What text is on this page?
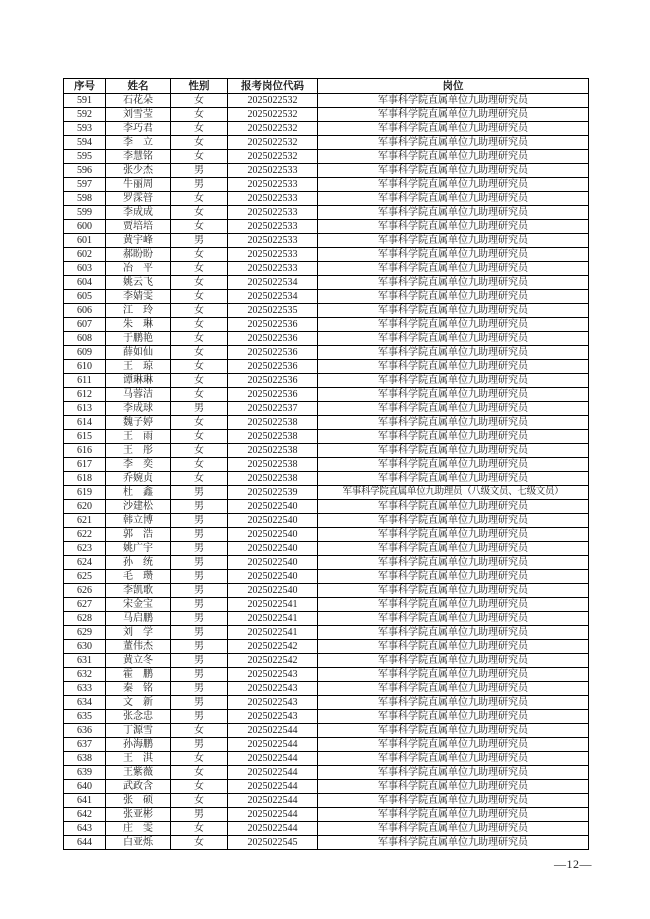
序号	姓名	性别	报考岗位代码	岗位
591	石花朵	女	2025022532	军事科学院直属单位九助理研究员
592	刘雪莹	女	2025022532	军事科学院直属单位九助理研究员
593	李巧君	女	2025022532	军事科学院直属单位九助理研究员
594	李　立	女	2025022532	军事科学院直属单位九助理研究员
595	李慧铭	女	2025022532	军事科学院直属单位九助理研究员
596	张少杰	男	2025022533	军事科学院直属单位九助理研究员
597	牛丽周	男	2025022533	军事科学院直属单位九助理研究员
598	罗霂暜	女	2025022533	军事科学院直属单位九助理研究员
599	李成成	女	2025022533	军事科学院直属单位九助理研究员
600	贾培培	女	2025022533	军事科学院直属单位九助理研究员
601	黄宇峰	男	2025022533	军事科学院直属单位九助理研究员
602	郝盼盼	女	2025022533	军事科学院直属单位九助理研究员
603	冶　平	女	2025022533	军事科学院直属单位九助理研究员
604	姚云飞	女	2025022534	军事科学院直属单位九助理研究员
605	李婧雯	女	2025022534	军事科学院直属单位九助理研究员
606	江　玲	女	2025022535	军事科学院直属单位九助理研究员
607	朱　琳	女	2025022536	军事科学院直属单位九助理研究员
608	于鹏艳	女	2025022536	军事科学院直属单位九助理研究员
609	薛如仙	女	2025022536	军事科学院直属单位九助理研究员
610	王　琼	女	2025022536	军事科学院直属单位九助理研究员
611	谭琳琳	女	2025022536	军事科学院直属单位九助理研究员
612	马蓉洁	女	2025022536	军事科学院直属单位九助理研究员
613	李成球	男	2025022537	军事科学院直属单位九助理研究员
614	魏子婷	女	2025022538	军事科学院直属单位九助理研究员
615	王　雨	女	2025022538	军事科学院直属单位九助理研究员
616	王　彤	女	2025022538	军事科学院直属单位九助理研究员
617	李　奕	女	2025022538	军事科学院直属单位九助理研究员
618	乔婉贞	女	2025022538	军事科学院直属单位九助理研究员
619	杜　鑫	男	2025022539	军事科学院直属单位九助理员（八级文员、七级文员）
620	沙建松	男	2025022540	军事科学院直属单位九助理研究员
621	韩立博	男	2025022540	军事科学院直属单位九助理研究员
622	郭　浩	男	2025022540	军事科学院直属单位九助理研究员
623	姚广宇	男	2025022540	军事科学院直属单位九助理研究员
624	孙　统	男	2025022540	军事科学院直属单位九助理研究员
625	毛　瓒	男	2025022540	军事科学院直属单位九助理研究员
626	李凯歌	男	2025022540	军事科学院直属单位九助理研究员
627	宋金宝	男	2025022541	军事科学院直属单位九助理研究员
628	马启鹏	男	2025022541	军事科学院直属单位九助理研究员
629	刘　学	男	2025022541	军事科学院直属单位九助理研究员
630	董伟杰	男	2025022542	军事科学院直属单位九助理研究员
631	黄立冬	男	2025022542	军事科学院直属单位九助理研究员
632	霍　鹏	男	2025022543	军事科学院直属单位九助理研究员
633	秦　铭	男	2025022543	军事科学院直属单位九助理研究员
634	文　新	男	2025022543	军事科学院直属单位九助理研究员
635	张念忠	男	2025022543	军事科学院直属单位九助理研究员
636	丁源雪	女	2025022544	军事科学院直属单位九助理研究员
637	孙海鹏	男	2025022544	军事科学院直属单位九助理研究员
638	王　淇	女	2025022544	军事科学院直属单位九助理研究员
639	王紫薇	女	2025022544	军事科学院直属单位九助理研究员
640	武政含	女	2025022544	军事科学院直属单位九助理研究员
641	张　硕	女	2025022544	军事科学院直属单位九助理研究员
642	张亚彬	男	2025022544	军事科学院直属单位九助理研究员
643	庄　雯	女	2025022544	军事科学院直属单位九助理研究员
644	白亚烁	女	2025022545	军事科学院直属单位九助理研究员
—12—
